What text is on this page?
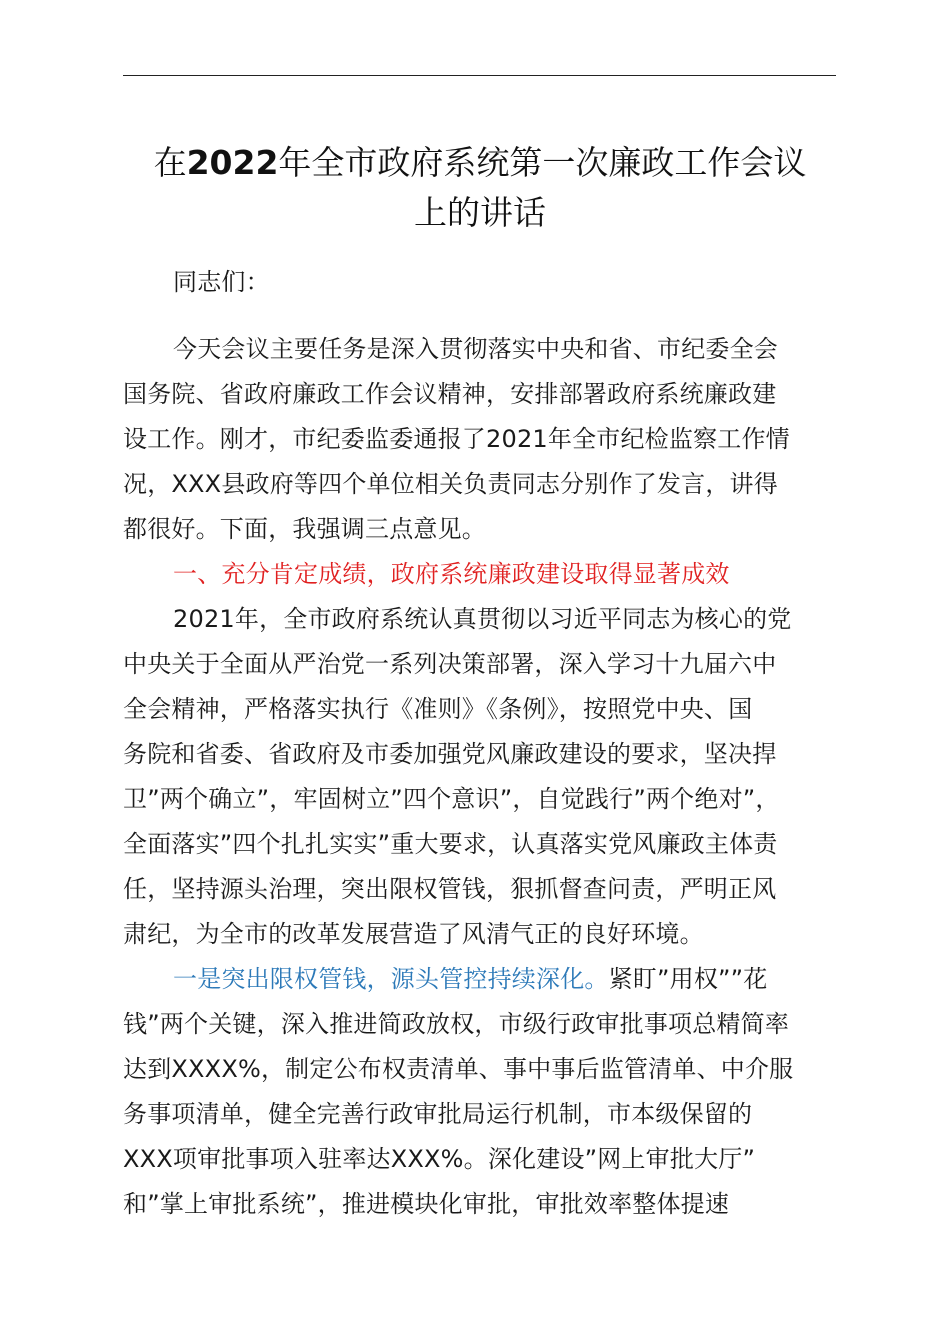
在2022年全市政府系统第一次廉政工作会议
上的讲话

同志们：

今天会议主要任务是深入贯彻落实中央和省、市纪委全会
国务院、省政府廉政工作会议精神，安排部署政府系统廉政建
设工作。刚才，市纪委监委通报了2021年全市纪检监察工作情
况，XXX县政府等四个单位相关负责同志分别作了发言，讲得
都很好。下面，我强调三点意见。
一、充分肯定成绩，政府系统廉政建设取得显著成效
2021年，全市政府系统认真贯彻以习近平同志为核心的党
中央关于全面从严治党一系列决策部署，深入学习十九届六中
全会精神，严格落实执行《准则》《条例》，按照党中央、国
务院和省委、省政府及市委加强党风廉政建设的要求，坚决捍
卫”两个确立”，牢固树立”四个意识”，自觉践行”两个绝对”，
全面落实”四个扎扎实实”重大要求，认真落实党风廉政主体责
任，坚持源头治理，突出限权管钱，狠抓督查问责，严明正风
肃纪，为全市的改革发展营造了风清气正的良好环境。
一是突出限权管钱，源头管控持续深化。紧盯”用权””花
钱”两个关键，深入推进简政放权，市级行政审批事项总精简率
达到XXXX%，制定公布权责清单、事中事后监管清单、中介服
务事项清单，健全完善行政审批局运行机制，市本级保留的
XXX项审批事项入驻率达XXX%。深化建设”网上审批大厅”
和”掌上审批系统”，推进模块化审批，审批效率整体提速
